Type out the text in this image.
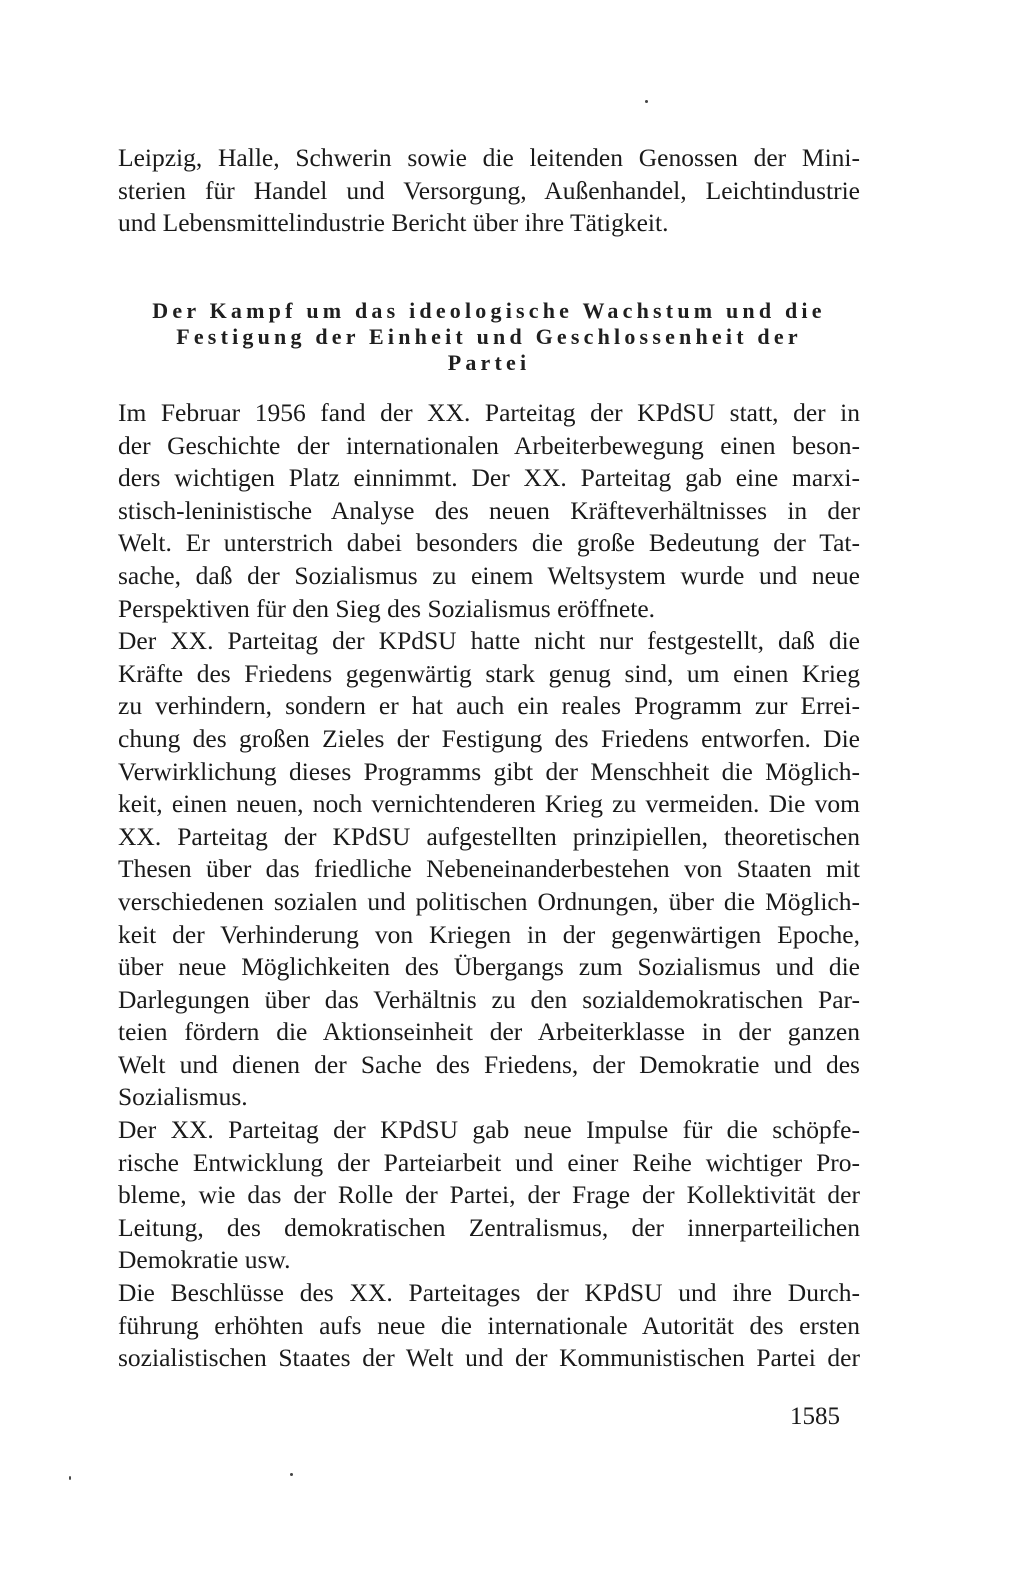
Leipzig, Halle, Schwerin sowie die leitenden Genossen der Mini-
sterien für Handel und Versorgung, Außenhandel, Leichtindustrie
und Lebensmittelindustrie Bericht über ihre Tätigkeit.
Der Kampf um das ideologische Wachstum und die
Festigung der Einheit und Geschlossenheit der
Partei
Im Februar 1956 fand der XX. Parteitag der KPdSU statt, der in
der Geschichte der internationalen Arbeiterbewegung einen beson-
ders wichtigen Platz einnimmt. Der XX. Parteitag gab eine marxi-
stisch-leninistische Analyse des neuen Kräfteverhältnisses in der
Welt. Er unterstrich dabei besonders die große Bedeutung der Tat-
sache, daß der Sozialismus zu einem Weltsystem wurde und neue
Perspektiven für den Sieg des Sozialismus eröffnete.
Der XX. Parteitag der KPdSU hatte nicht nur festgestellt, daß die
Kräfte des Friedens gegenwärtig stark genug sind, um einen Krieg
zu verhindern, sondern er hat auch ein reales Programm zur Errei-
chung des großen Zieles der Festigung des Friedens entworfen. Die
Verwirklichung dieses Programms gibt der Menschheit die Möglich-
keit, einen neuen, noch vernichtenderen Krieg zu vermeiden. Die vom
XX. Parteitag der KPdSU aufgestellten prinzipiellen, theoretischen
Thesen über das friedliche Nebeneinanderbestehen von Staaten mit
verschiedenen sozialen und politischen Ordnungen, über die Möglich-
keit der Verhinderung von Kriegen in der gegenwärtigen Epoche,
über neue Möglichkeiten des Übergangs zum Sozialismus und die
Darlegungen über das Verhältnis zu den sozialdemokratischen Par-
teien fördern die Aktionseinheit der Arbeiterklasse in der ganzen
Welt und dienen der Sache des Friedens, der Demokratie und des
Sozialismus.
Der XX. Parteitag der KPdSU gab neue Impulse für die schöpfe-
rische Entwicklung der Parteiarbeit und einer Reihe wichtiger Pro-
bleme, wie das der Rolle der Partei, der Frage der Kollektivität der
Leitung, des demokratischen Zentralismus, der innerparteilichen
Demokratie usw.
Die Beschlüsse des XX. Parteitages der KPdSU und ihre Durch-
führung erhöhten aufs neue die internationale Autorität des ersten
sozialistischen Staates der Welt und der Kommunistischen Partei der
1585
